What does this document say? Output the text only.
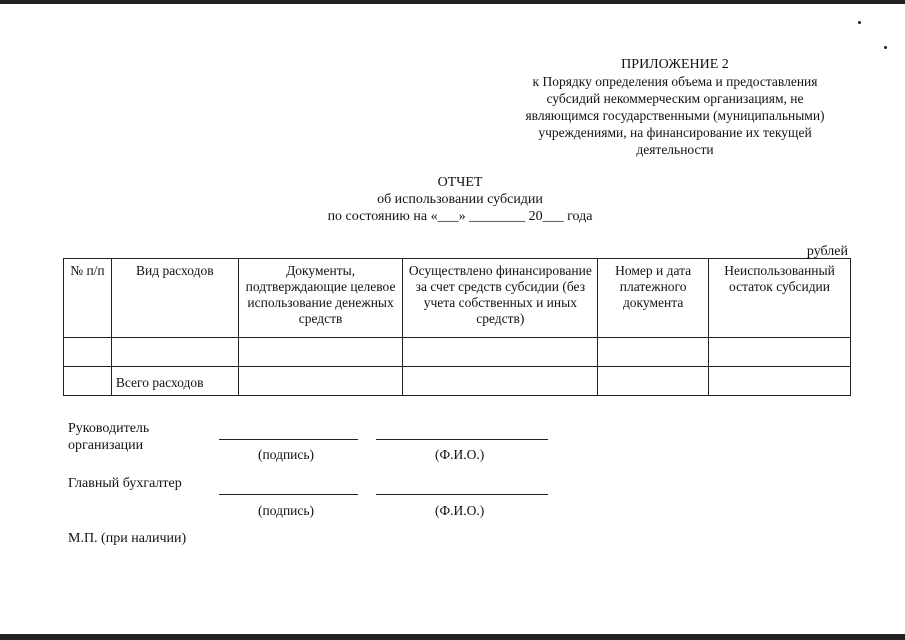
ПРИЛОЖЕНИЕ 2
к Порядку определения объема и предоставления
субсидий некоммерческим организациям, не
являющимся государственными (муниципальными)
учреждениями, на финансирование их текущей
деятельности
ОТЧЕТ
об использовании субсидии
по состоянию на «___» ________ 20___ года
рублей
№ п/п	Вид расходов	Документы, подтверждающие целевое использование денежных средств	Осуществлено финансирование за счет средств субсидии (без учета собственных и иных средств)	Номер и дата платежного документа	Неиспользованный остаток субсидии

	Всего расходов				
Руководитель
организации
(подпись)	(Ф.И.О.)
Главный бухгалтер
(подпись)	(Ф.И.О.)
М.П. (при наличии)
